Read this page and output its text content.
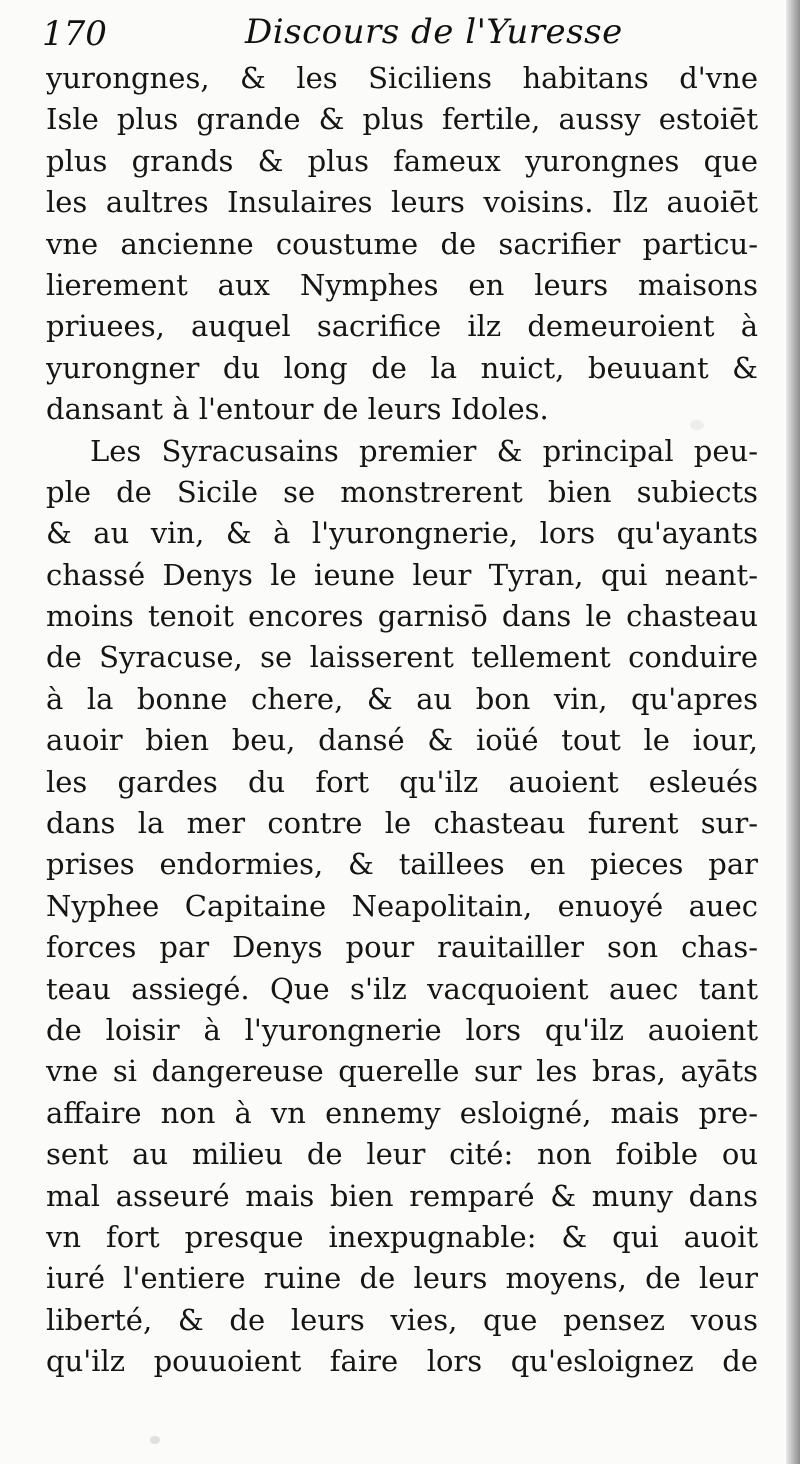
170	Discours de l'Yuresse
yurongnes, & les Siciliens habitans d'vne
Isle plus grande & plus fertile, aussy estoiēt
plus grands & plus fameux yurongnes que
les aultres Insulaires leurs voisins. Ilz auoiēt
vne ancienne coustume de sacrifier particu-
lierement aux Nymphes en leurs maisons
priuees, auquel sacrifice ilz demeuroient à
yurongner du long de la nuict, beuuant &
dansant à l'entour de leurs Idoles.
Les Syracusains premier & principal peu-
ple de Sicile se monstrerent bien subiects
& au vin, & à l'yurongnerie, lors qu'ayants
chassé Denys le ieune leur Tyran, qui neant-
moins tenoit encores garnisō dans le chasteau
de Syracuse, se laisserent tellement conduire
à la bonne chere, & au bon vin, qu'apres
auoir bien beu, dansé & ioüé tout le iour,
les gardes du fort qu'ilz auoient esleués
dans la mer contre le chasteau furent sur-
prises endormies, & taillees en pieces par
Nyphee Capitaine Neapolitain, enuoyé auec
forces par Denys pour rauitailler son chas-
teau assiegé. Que s'ilz vacquoient auec tant
de loisir à l'yurongnerie lors qu'ilz auoient
vne si dangereuse querelle sur les bras, ayāts
affaire non à vn ennemy esloigné, mais pre-
sent au milieu de leur cité: non foible ou
mal asseuré mais bien remparé & muny dans
vn fort presque inexpugnable: & qui auoit
iuré l'entiere ruine de leurs moyens, de leur
liberté, & de leurs vies, que pensez vous
qu'ilz pouuoient faire lors qu'esloignez de
